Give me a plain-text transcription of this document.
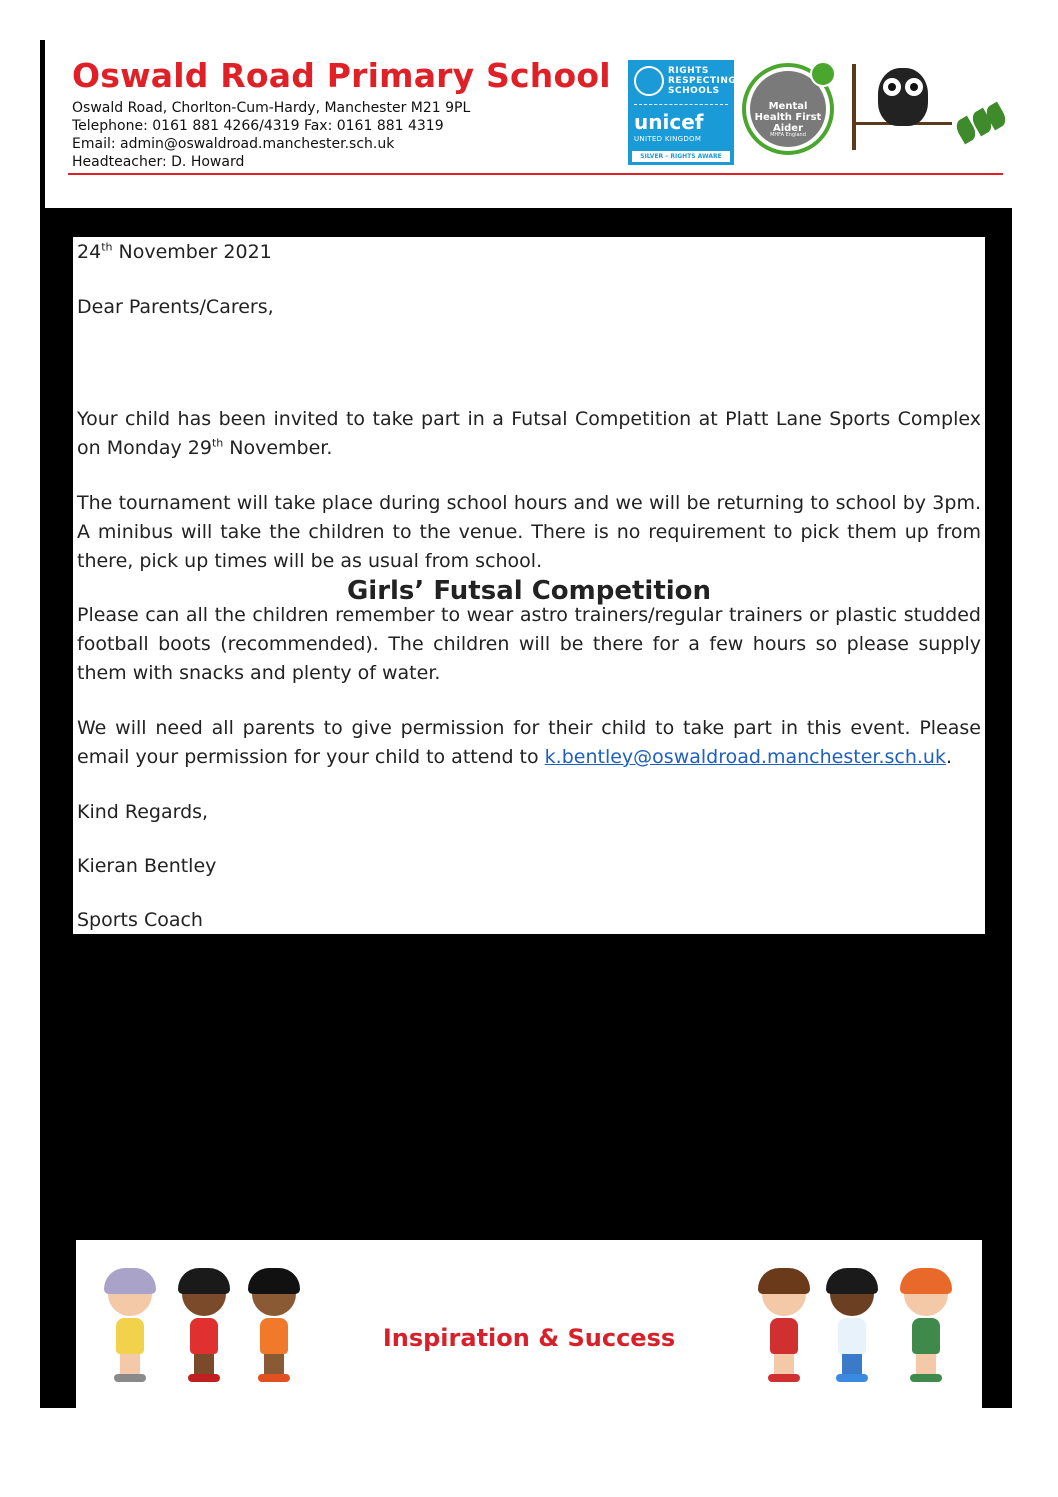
Oswald Road Primary School
Oswald Road, Chorlton-Cum-Hardy, Manchester M21 9PL
Telephone: 0161 881 4266/4319 Fax: 0161 881 4319
Email: admin@oswaldroad.manchester.sch.uk
Headteacher: D. Howard
RIGHTS RESPECTING SCHOOLS
unicef
UNITED KINGDOM
SILVER – RIGHTS AWARE
Mental Health First Aider
MHFA England

24th November 2021

Dear Parents/Carers,

Girls’ Futsal Competition

Your child has been invited to take part in a Futsal Competition at Platt Lane Sports Complex on Monday 29th November.

The tournament will take place during school hours and we will be returning to school by 3pm. A minibus will take the children to the venue. There is no requirement to pick them up from there, pick up times will be as usual from school.

Please can all the children remember to wear astro trainers/regular trainers or plastic studded football boots (recommended). The children will be there for a few hours so please supply them with snacks and plenty of water.

We will need all parents to give permission for their child to take part in this event. Please email your permission for your child to attend to k.bentley@oswaldroad.manchester.sch.uk.

Kind Regards,

Kieran Bentley

Sports Coach

Inspiration & Success
